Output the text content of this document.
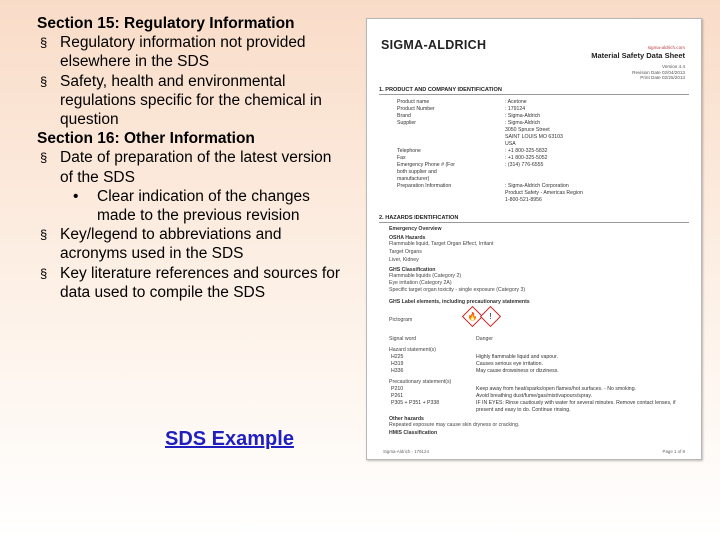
Section 15: Regulatory Information
§ Regulatory information not provided
elsewhere in the SDS
§ Safety, health and environmental
regulations specific for the chemical in
question
Section 16: Other Information
§ Date of preparation of the latest version
of the SDS
• Clear indication of the changes
made to the previous revision
§ Key/legend to abbreviations and
acronyms used in the SDS
§ Key literature references and sources for
data used to compile the SDS
SDS Example
SIGMA-ALDRICH	sigma-aldrich.com
Material Safety Data Sheet
Version 4.4
Revision Date 02/04/2013
Print Date 02/25/2013
1. PRODUCT AND COMPANY IDENTIFICATION
Product name	: Acetone
Product Number	: 179124
Brand	: Sigma-Aldrich
Supplier	: Sigma-Aldrich
3050 Spruce Street
SAINT LOUIS MO 63103
USA
Telephone	: +1 800-325-5832
Fax	: +1 800-325-5052
Emergency Phone # (For	: (314) 776-6555
both supplier and
manufacturer)
Preparation Information	: Sigma-Aldrich Corporation
Product Safety - Americas Region
1-800-521-8956
2. HAZARDS IDENTIFICATION
Emergency Overview
OSHA Hazards
Flammable liquid, Target Organ Effect, Irritant
Target Organs
Liver, Kidney
GHS Classification
Flammable liquids (Category 2)
Eye irritation (Category 2A)
Specific target organ toxicity - single exposure (Category 3)
GHS Label elements, including precautionary statements
Pictogram	🔥	!
Signal word	Danger
Hazard statement(s)
H225	Highly flammable liquid and vapour.
H319	Causes serious eye irritation.
H336	May cause drowsiness or dizziness.
Precautionary statement(s)
P210	Keep away from heat/sparks/open flames/hot surfaces. - No smoking.
P261	Avoid breathing dust/fume/gas/mist/vapours/spray.
P305 + P351 + P338	IF IN EYES: Rinse cautiously with water for several minutes. Remove contact lenses, if
present and easy to do. Continue rinsing.
Other hazards
Repeated exposure may cause skin dryness or cracking.
HMIS Classification
Sigma-Aldrich - 179124	Page 1 of 8
